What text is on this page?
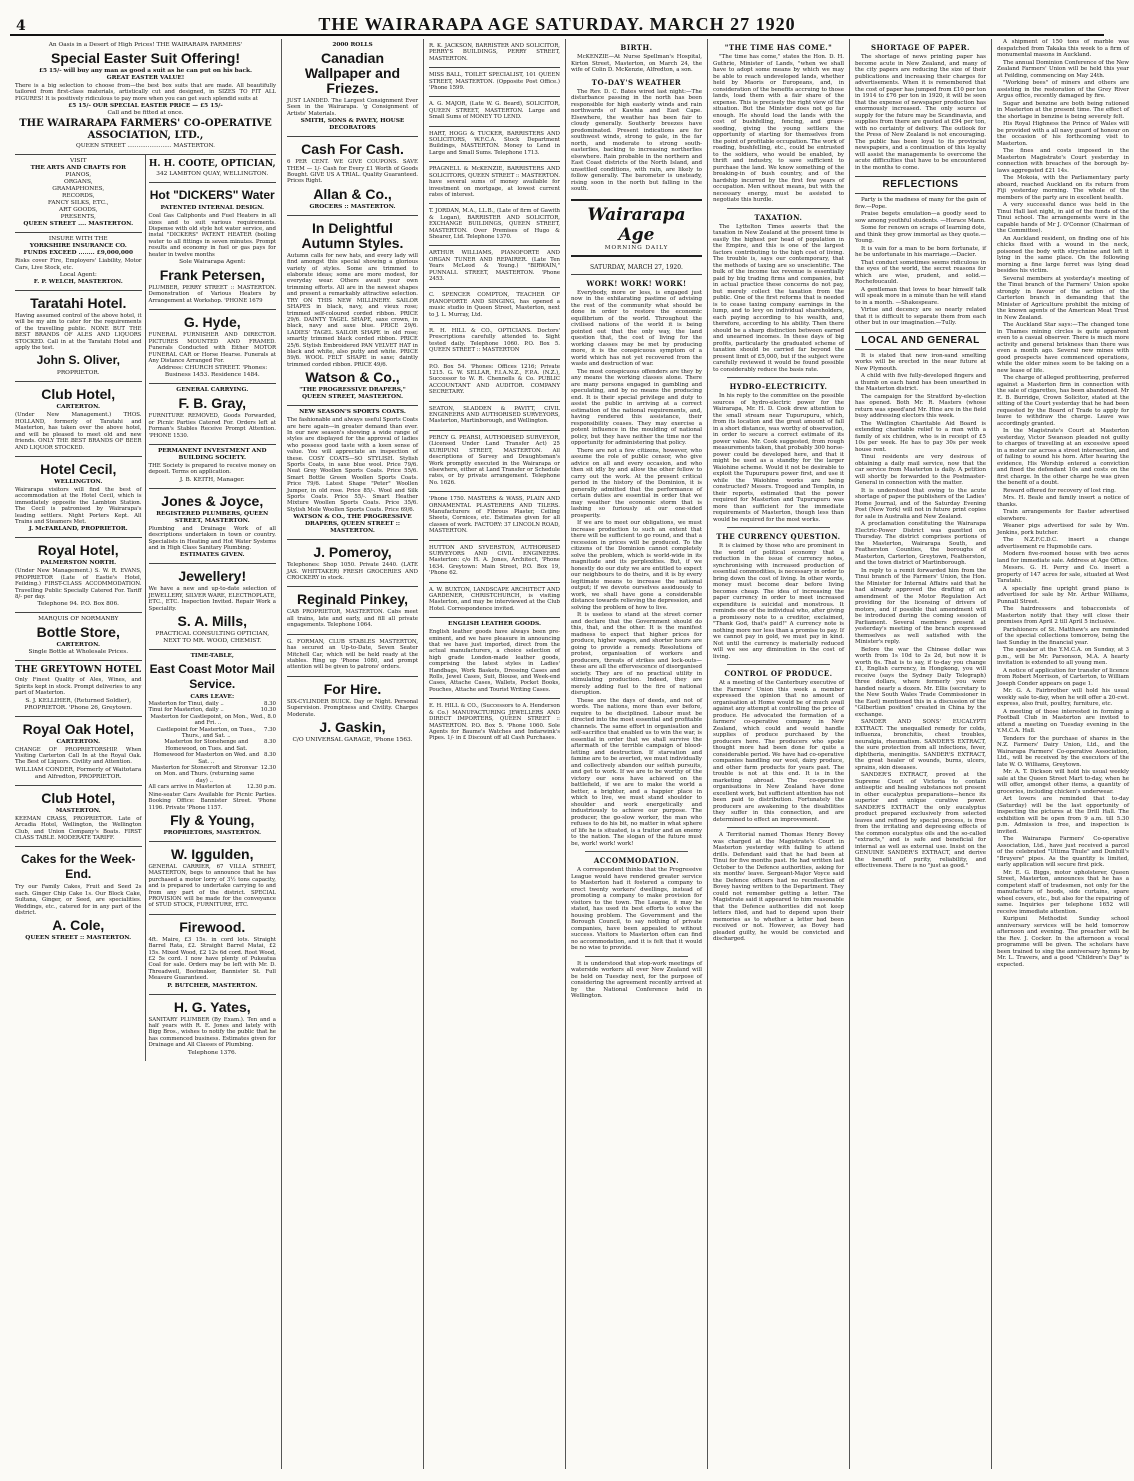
4	THE WAIRARAPA AGE SATURDAY. MARCH 27 1920
An Oasis in a Desert of High Prices! THE WAIRARAPA FARMERS'
Special Easter Suit Offering!
£5 15/- will buy any man as good a suit as he can put on his back.
GREAT EASTER VALUE!

There is a big selection to choose from—the best box suits that are made. All beautifully tailored from first-class materials, artistically cut and designed, in SIZES TO FIT ALL FIGURES! It is positively ridiculous to pay more when you can get such splendid suits at

£5 15/- OUR SPECIAL EASTER PRICE — £5 15/-
Call and be fitted at once.
THE WAIRARAPA FARMERS' CO-OPERATIVE ASSOCIATION, LTD.,
QUEEN STREET ........................ MASTERTON.
VISIT
THE ARTS AND CRAFTS FOR
PIANOS,
ORGANS,
GRAMAPHONES,
RECORDS,
FANCY SILKS, ETC.,
ART GOODS,
PRESENTS,
QUEEN STREET .... MASTERTON.
INSURE WITH THE
YORKSHIRE INSURANCE CO.
FUNDS EXCEED ........ £9,000,000

Risks cover Fire, Employers' Liability, Motor Cars, Live Stock, etc.

Local Agent:
F. P. WELCH, MASTERTON.
Taratahi Hotel.

Having assumed control of the above hotel, it will be my aim to cater for the requirements of the travelling public. NONE BUT THE BEST BRANDS OF ALES AND LIQUORS STOCKED. Call in at the Taratahi Hotel and apply the test.

John S. Oliver,
PROPRIETOR.
Club Hotel,
CARTERTON.

(Under New Management.) THOS. HOLLAND, formerly of Taratahi and Masterton, has taken over the above hotel, and will be pleased to meet old and new friends. ONLY THE BEST BRANDS OF BEER AND LIQUOR STOCKED.

Hotel Cecil,
WELLINGTON.

Wairarapa visitors will find the best of accommodation at the Hotel Cecil, which is immediately opposite the Lambton Station. The Cecil is patronised by Wairarapa's leading settlers. Night Porters Kept. All Trains and Steamers Met.

J. McFARLAND, PROPRIETOR.
Royal Hotel,
PALMERSTON NORTH.

(Under New Management.) S. W. R. EVANS, PROPRIETOR (Late of Eastie's Hotel, Feilding.) FIRST-CLASS ACCOMMODATION. Travelling Public Specially Catered For. Tariff 8/- per day.

Telephone 94. P.O. Box 806.
MARQUIS OF NORMANBY
Bottle Store,
CARTERTON.
Single Bottle at Wholesale Prices.
THE GREYTOWN HOTEL

Only Finest Quality of Ales, Wines, and Spirits kept in stock. Prompt deliveries to any part of Masterton.

S. J. KELLIHER, (Returned Soldier), PROPRIETOR. 'Phone 26, Greytown.
Royal Oak Hotel,
CARTERTON.

CHANGE OF PROPRIETORSHIP. When Visiting Carterton Call In at the Royal Oak. The Best of Liquors. Civility and Attention.

WILLIAM CONDER, Formerly of Waitotara and Alfredton, PROPRIETOR.
Club Hotel,
MASTERTON.

KEEMAN CRASS, PROPRIETOR. Late of Arcadia Hotel, Wellington, the Wellington Club, and Union Company's Boats. FIRST CLASS TABLE. MODERATE TARIFF.

Cakes for the Week-End.

Try our Family Cakes, Fruit and Seed 2s each. Ginger Chip Cake 1s. Our Block Cake, Sultana, Ginger, or Seed, are specialities. Weddings, etc., catered for in any part of the district.

A. Cole,
QUEEN STREET :: MASTERTON.
H. H. COOTE, OPTICIAN,
342 LAMBTON QUAY, WELLINGTON.
Hot "DICKERS" Water
PATENTED INTERNAL DESIGN.

Coal Gas Caliphonts and Fuel Heaters in all sizes and to suit various requirements. Dispense with old style hot water service, and instal "DICKERS" PATENT HEATER (boiling water to all fittings in seven minutes. Prompt results and economy in fuel or gas pays for heater in twelve months

Sole Wairarapa Agent:
Frank Petersen,

PLUMBER, PERRY STREET :: MASTERTON. Demonstration of Various Heaters by Arrangement at Workshop. 'PHONE 1679

G. Hyde,

FUNERAL FURNISHER AND DIRECTOR. PICTURES MOUNTED AND FRAMED. Funerals Conducted with Either MOTOR FUNERAL CAR or Horse Hearse. Funerals at Any Distance Arranged For.

Address: CHURCH STREET. 'Phones: Business 1453. Residence 1484.
GENERAL CARRYING.
F. B. Gray,

FURNITURE REMOVED, Goods Forwarded, or Picnic Parties Catered For. Orders left at Forman's Stables Receive Prompt Attention. 'PHONE 1530.

PERMANENT INVESTMENT AND BUILDING SOCIETY.

THE Society is prepared to receive money on deposit. Terms on application.

J. B. KEITH, Manager.
Jones & Joyce,
REGISTERED PLUMBERS, QUEEN STREET, MASTERTON.

Plumbing and Drainage Work of all descriptions undertaken in town or country. Specialists in Heating and Hot Water Systems and in High Class Sanitary Plumbing.

ESTIMATES GIVEN.
Jewellery!

We have a new and up-to-date selection of JEWELLERY, SILVER WARE, ELECTROPLATE, ETC., ETC. Inspection Invited. Repair Work a Speciality.

S. A. Mills,
PRACTICAL CONSULTING OPTICIAN, NEXT TO MR. WOOD, CHEMIST.
TIME-TABLE,
East Coast Motor Mail Service.
CARS LEAVE:
Masterton for Tinui, daily ..	8.30
Tinui for Masterton, daily ..	10.30
Masterton for Castlepoint, on Mon., Wed., and Fri. ..
8.0
Castlepoint for Masterton, on Tues., Thurs., and Sat. ..
7.30
Masterton for Stonehenge and Homewood, on Tues. and Sat.
8.30
Homewood for Masterton on Wed. and Sat. ..
8.30
Masterton for Stonecroft and Stronvar on Mon. and Thurs. (returning same day) ..
12.30
All cars arrive in Masterton at	12.30 p.m.

Nine-seater Cars Available for Picnic Parties. Booking Office: Bannister Street. 'Phone 1196. Private 'Phone 1157.

Fly & Young,
PROPRIETORS, MASTERTON.
W. Iggulden,

GENERAL CARRIER, 67 VILLA STREET, MASTERTON, begs to announce that he has purchased a motor lorry of 3½ tons capacity, and is prepared to undertake carrying to and from any part of the district. SPECIAL PROVISION will be made for the conveyance of STUD STOCK, FURNITURE, ETC.

Firewood.

4ft. Maire, £3 15s. in cord lots. Straight Barrel Rata, £2. Straight Barrel Matai, £2 15s. Mixed Wood, £2 12s 6d cord. Root Wood, £2 5s cord. I now have plenty of Pukeatua Coal for sale. Orders may be left with Mr. D. Threadwell, Bootmaker, Bannister St. Full Measure Guaranteed.

P. BUTCHER, MASTERTON.
H. G. Yates,

SANITARY PLUMBER (By Exam.). Ten and a half years with R. E. Jones and lately with Bigg Bros., wishes to notify the public that he has commenced business. Estimates given for Drainage and All Classes of Plumbing.

Telephone 1376.
2000 ROLLS
Canadian Wallpaper and Friezes.

JUST LANDED. The Largest Consignment Ever Seen in the Wairarapa. 'g Consignment of Artists' Materials.

SMITH, SONS & PAVEY, HOUSE DECORATORS
Cash For Cash.

6 PER CENT. WE GIVE COUPONS. SAVE THEM — 1/- Cash for Every £1 Worth of Goods Bought. GIVE US A TRIAL. Quality Guaranteed. Prices Right.

Allan & Co.,
GROCERS :: MASTERTON.
In Delightful Autumn Styles.

Autumn calls for new hats, and every lady will find amongst this special showing a glorious variety of styles. Some are trimmed to elaborate ideas; some are more modest, for everyday wear. Others await your own trimming efforts. All are in the newest shapes and present a remarkably attractive selection. TRY ON THIS NEW MILLINERY. SAILOR SHAPES in black, navy, and vieux rose; trimmed self-coloured corded ribbon. PRICE 29/6. DAINTY TAGEL SHAPE, saxe crown, in black, navy and saxe blue. PRICE 29/6. LADIES' TAGEL SAILOR SHAPE in old rose; smartly trimmed black corded ribbon. PRICE 25/6. Stylish Embroidered PAN VELVET HAT in black and white, also putty and white. PRICE 59/6. WOOL FELT SHAPE in saxe; daintly trimmed corded ribbon. PRICE 49/6.

Watson & Co.,
"THE PROGRESSIVE DRAPERS," QUEEN STREET, MASTERTON.
NEW SEASON'S SPORTS COATS.

The fashionable and always useful Sports Coats are here again—in greater demand than ever. In our new season's showing a wide range of styles are displayed for the approval of ladies who possess good taste with a keen sense of value. You will appreciate an inspection of these. COSY COATS—SO STYLISH. Stylish Sports Coats, in saxe blue wool. Price 79/6. Neat Grey Woollen Sports Coats. Price 55/6. Smart Bottle Green Woollen Sports Coats. Price 79/6. Latest Shape "Peter" Woollen Jumper, in old rose. Price 85/-. Wool and Silk Sports Coats. Price 55/-. Smart Heather Mixture Woollen Sports Coats. Price 35/6. Stylish Mole Woollen Sports Coats. Price 69/6.

WATSON & CO., THE PROGRESSIVE DRAPERS, QUEEN STREET :: MASTERTON.
J. Pomeroy,

Telephones: Shop 1050. Private 2440. (LATE JAS. WHITTAKER) FRESH GROCERIES AND CROCKERY in stock.

Reginald Pinkey,

CAB PROPRIETOR, MASTERTON. Cabs meet all trains, late and early, and fill all private engagements. Telephone 1064.

G. FORMAN, CLUB STABLES MASTERTON, has secured an Up-to-Date, Seven Seater Mitchell Car, which will be held ready at the stables. Ring up 'Phone 1080, and prompt attention will be given to patrons' orders.

For Hire.

SIX-CYLINDER BUICK. Day or Night. Personal Supervision. Promptness and Civility. Charges Moderate.

J. Gaskin,
C/O UNIVERSAL GARAGE, 'Phone 1563.

R. K. JACKSON, BARRISTER AND SOLICITOR, PERRY'S BUILDINGS, PERRY STREET, MASTERTON.

MISS BALL, TOILET SPECIALIST, 101 QUEEN STREET, MASTERTON. (Opposite Post Office.) 'Phone 1599.

A. G. MAJOR, (Late W. G. Beard), SOLICITOR, QUEEN STREET, MASTERTON. Large and Small Sums of MONEY TO LEND.

HART, HOGG & TUCKER, BARRISTERS AND SOLICITORS, W.F.C.A. Stock Department Buildings, MASTERTON. Money to Lend in Large and Small Sums. Telephone 1713.

PRAGNELL & McKENZIE, BARRISTERS AND SOLICITORS, QUEEN STREET :: MASTERTON. have several sums of money available for investment on mortgage, at lowest current rates of interest.

T. JORDAN, M.A., LL.B., (Late of firm of Gawith & Logan), BARRISTER AND SOLICITOR, EXCHANGE BUILDINGS, QUEEN STREET, MASTERTON. Over Premises of Hugo & Shearer, Ltd. Telephone 1370.

ARTHUR WILLIAMS, PIANOFORTE AND ORGAN TUNER AND REPAIRER. (Late Ten Years McLeod & Young.) "BIRWAIN," PUNNALL STREET, MASTERTON. 'Phone 2453.

C. SPENCER COMPTON, TEACHER OF PIANOFORTE AND SINGING, has opened a music studio in Queen Street, Masterton, next to J. L. Murray, Ltd.

R. H. HILL & CO., OPTICIANS. Doctors' Prescriptions carefully attended to. Sight tested daily. Telephone 1060. P.O. Box 5. QUEEN STREET :: MASTERTON

P.O. Box 54. 'Phones: Offices 1216; Private 1215. G. W. SELLAR, F.I.A.N.Z., F.P.A. (N.Z.), Successor to W. R. Chennells & Co. PUBLIC ACCOUNTANT AND AUDITOR. COMPANY SECRETARY.

SEATON, SLADDEN & PAVITT, CIVIL ENGINEERS AND AUTHORISED SURVEYORS, Masterton, Martinborough, and Wellington.

PERCY G. PEARSI, AUTHORISED SURVEYOR, (Licensed Under Land Transfer Act) 25 KURIPUNI STREET, MASTERTON. All descriptions of Survey and Draughtsman's Work promptly executed in the Wairarapa or elsewhere, either at Land Transfer or Schedule rates, or by private arrangement. Telephone No. 1626.

'Phone 1750. MASTERS & WASS, PLAIN AND ORNAMENTAL PLASTERERS AND TILERS. Manufacturers of Fibrous Plaster, Ceiling Sheets, Cornices, etc. Estimates given for all classes of work. FACTORY: 37 LINCOLN ROAD, MASTERTON.

HUTTON AND SYVERSTON, AUTHORISED SURVEYORS AND CIVIL ENGINEERS. Masterton: c/o H. A. Jones, Architect, 'Phone 1634. Greytown: Main Street, P.O. Box 19, 'Phone 62.

A. W. BUXTON, LANDSCAPE ARCHITECT AND GARDENER, CHRISTCHURCH, is visiting Masterton, and may be interviewed at the Club Hotel. Correspondence invited.

ENGLISH LEATHER GOODS.

English leather goods have always been pre-eminent, and we have pleasure in announcing that we have just imported, direct from the actual manufacturers, a choice selection of high grade London-made leather goods, comprising the latest styles in Ladies' Handbags, Work Baskets, Dressing Cases and Rolls, Jewel Cases, Suit, Blouse, and Week-end Cases, Attache Cases, Wallets, Pocket Books, Pouches, Attache and Tourist Writing Cases.

E. H. HILL & CO., (Successors to A. Henderson & Co.) MANUFACTURING JEWELLERS AND DIRECT IMPORTERS, QUEEN STREET :: MASTERTON. P.O. Box 5. 'Phone 1060. Sole Agents for Baume's Watches and Indarwink's Pipes. 1/- in £ Discount off all Cash Purchases.

BIRTH.

McKENZIE—At Nurse Spellman's Hospital, Kirton Street, Masterton, on March 24, the wife of Colin D. McKenzie, Alfredton, a son.

TO-DAY'S WEATHER

The Rev. D. C. Bates wired last night:—The disturbance passing in the north has been responsible for high easterly winds and rain northwards of Kawhia and East Cape. Elsewhere, the weather has been fair to cloudy generally. Southerly breezes have predominated. Present indications are for southwest winds, strong to gale, in the far north, and moderate to strong south-easterlies, backing to increasing northerlies elsewhere. Rain probable in the northern and East Coast districts of the North Island, and unsettled conditions, with rain, are likely to follow generally. The barometer is unsteady, rising soon in the north but falling in the south.

Wairarapa Age
MORNING DAILY
SATURDAY, MARCH 27, 1920.
WORK! WORK! WORK!

Everybody, more or less, is engaged just now in the exhilarating pastime of advising the rest of the community what should be done in order to restore the economic equilibrium of the world. Throughout the civilised nations of the world it is being pointed out that the only way, the land question that, the cost of living for the working classes may be met by producing more, it is the conspicuous symptom of a world which has not yet recovered from the waste and destruction of war.

The most conspicuous offenders are they by any means the working classes alone. There are many persons engaged in gambling and speculating, and by no means the producing end. It is their special privilege and duty to assist the public in arriving at a correct estimation of the national requirements, and, having rendered this assistance, their responsibility ceases. They may exercise a potent influence in the moulding of national policy, but they have neither the time nor the opportunity for administering that policy.

There are not a few citizens, however, who assume the role of public censor, who give advice on all and every occasion, and who then sit idly by and allow the other fellow to carry out the work. At the present critical period in the history of the Dominion, it is generally admitted that the performance of certain duties are essential in order that we may weather the economic storm that is lashing so furiously at our one-sided prosperity.

If we are to meet our obligations, we must increase production to such an extent that there will be sufficient to go round, and that a recession in prices will be produced. To the citizens of the Dominion cannot completely solve the problem, which is world-wide in its magnitude and its perplexities. But, if we honestly do our duty we are entitled to expect our neighbours to do theirs, and it is by every legitimate means to increase the national output; if we devote ourselves assiduously to work, we shall have gone a considerable distance towards relieving the depression, and solving the problem of how to live.

It is useless to stand at the street corner and declare that the Government should do this, that, and the other. It is the manifest madness to expect that higher prices for produce, higher wages, and shorter hours are going to provide a remedy. Resolutions of protest, organisation of workers and producers, threats of strikes and lock-outs—these are all the effervescence of disorganised society. They are of no practical utility in stimulating production. Indeed, they are merely adding fuel to the fire of national disruption.

These are the days of deeds, and not of words. The nations, more than ever before, require to be disciplined. Labour must be directed into the most essential and profitable channels. The same effort in organisation and self-sacrifice that enabled us to win the war, is essential in order that we shall survive the aftermath of the terrible campaign of blood-letting and destruction. If starvation and famine are to be averted, we must individually and collectively abandon our selfish pursuits, and get to work. If we are to be worthy of the victory our sons have achieved on the battlefield, if we are to make the world a better, a brighter, and a happier place in which to live, we must stand shoulder to shoulder and work energetically and industriously to achieve our purpose. The producer, the go-slow worker, the man who refuses to do his bit, no matter in what sphere of life he is situated, is a traitor and an enemy to the nation. The slogan of the future must be, work! work! work!

ACCOMMODATION.

A correspondent thinks that the Progressive League would have rendered greater service to Masterton had it fostered a company to erect twenty workers' dwellings, instead of promoting a company to make provision for visitors to the town. The League, it may be stated, has used its best efforts to solve the housing problem. The Government and the Borough Council, to say nothing of private companies, have been appealed to without success. Visitors to Masterton often can find no accommodation, and it is felt that it would be no wise to provide.

It is understood that stop-work meetings of waterside workers all over New Zealand will be held on Tuesday next, for the purpose of considering the agreement recently arrived at by the National Conference held in Wellington.

"THE TIME HAS COME."

"The time has come," states the Hon. D. H. Guthrie, Minister of Lands, "when we shall have to adopt some means by which we may be able to reach undeveloped lands, whether held by Maoris or Europeans, and, in consideration of the benefits accruing to those lands, load them with a fair share of the expense. This is precisely the right view of the situation. But the Minister does not go far enough. He should load the lands with the cost of bushfelling, fencing, and grass-seeding, giving the young settlers the opportunity of starting for themselves from the point of profitable occupation. The work of roading, bushfelling, etc., could be entrusted to the soldiers, who would be enabled, by thrift and industry, to save sufficient to purchase the land. We know something of the breaking-in of bush country, and of the hardship incurred by the first few years of occupation. Men without means, but with the necessary energy, must be assisted to negotiate this hurdle.

TAXATION.

The Lyttelton Times asserts that the taxation in New Zealand at the present time is easily the highest per head of population in the Empire, and this is one of the largest factors contributing to the high cost of living. The trouble is, says our contemporary, that the methods of taxing are so unscientific. The bulk of the income tax revenue is essentially paid by big trading firms and companies, but in actual practice these concerns do not pay, but merely collect the taxation from the public. One of the first reforms that is needed is to cease taxing company earnings in the lump, and to levy on individual shareholders, each paying according to his wealth, and, therefore, according to his ability. Then there should be a sharp distinction between earned and unearned incomes. In these days of big profits, particularly the graduated scheme of taxation should be carried far beyond the present limit of £5,000, but if the subject were carefully reviewed it would be found possible to considerably reduce the basis rate.

HYDRO-ELECTRICITY.

In his reply to the committee on the possible sources of hydro-electric power for the Wairarapa, Mr. H. D. Cook drew attention to the small stream near Tupurupuru, which, from its location and the great amount of fall in a short distance, was worthy of observation, in order to secure a correct estimate of its power value. Mr. Cook suggested, from rough measurements taken, that probably 300 horse-power could be developed here, and that it might be used as a standby for the larger Waiohine scheme. Would it not be desirable to exploit the Tupurupuru power first, and use it while the Waiohine works are being constructed? Messrs. Trogood and Templin, in their reports, estimated that the power required for Masterton and Tupurupuru was more than sufficient for the immediate requirements of Masterton, though less than would be required for the most works.

THE CURRENCY QUESTION.

It is claimed by those who are prominent in the world of political economy that a reduction in the issue of currency notes, synchronising with increased production of essential commodities, is necessary in order to bring down the cost of living. In other words, money must become dear before living becomes cheap. The idea of increasing the paper currency in order to meet increased expenditure is suicidal and monstrous. It reminds one of the individual who, after giving a promissory note to a creditor, exclaimed, "Thank God, that's paid!" A currency note is nothing more nor less than a promise to pay. If we cannot pay in gold, we must pay in kind. Not until the currency is materially reduced will we see any diminution in the cost of living.

CONTROL OF PRODUCE.

At a meeting of the Canterbury executive of the Farmers' Union this week a member expressed the opinion that no amount of organisation at Home would be of much avail against any attempt at controlling the price of produce. He advocated the formation of a farmers' co-operative company in New Zealand, which could and would handle supplies of produce purchased by the producers here. The producers who spoke thought more had been done for quite a considerable period. We have had co-operative companies handling our wool, dairy produce, and other farm products for years past. The trouble is not at this end. It is in the marketing abroad. The co-operative organisations in New Zealand have done excellent work, but sufficient attention has not been paid to distribution. Fortunately the producers are awakening to the disabilities they suffer in this connection, and are determined to effect an improvement.

A Territorial named Thomas Henry Bovey was charged at the Magistrate's Court in Masterton yesterday with failing to attend drills. Defendant said that he had been at Tinui for five months past. He had written last October to the Defence authorities, asking for six months' leave. Sergeant-Major Voyce said the Defence officers had no recollection of Bovey having written to the Department. They could not remember getting a letter. The Magistrate said it appeared to him reasonable that the Defence authorities did not keep letters filed, and had to depend upon their memories as to whether a letter had been received or not. However, as Bovey had pleaded guilty, he would be convicted and discharged.

SHORTAGE OF PAPER.

The shortage of news printing paper has become acute in New Zealand, and many of the city papers are reducing the size of their publications and increasing their charges for advertisements. When it is remembered that the cost of paper has jumped from £10 per ton in 1914 to £76 per ton in 1920, it will be seen that the expense of newspaper production has enormously increased. The only source of supply for the future may be Scandinavia, and supplies from there are quoted at £94 per ton, with no certainty of delivery. The outlook for the Press of New Zealand is not encouraging. The public has been loyal to its provincial newspapers, and a continuation of this loyalty will assist the managements to overcome the acute difficulties that have to be encountered in the months to come.

REFLECTIONS

Party is the madness of many for the gain of few.—Pope.

Praise begets emulation—a goodly seed to sow among youthful students. —Horace Mann.

Some for renown on scraps of learning dote, and think they grow immortal as they quote.—Young.

It is vain for a man to be born fortunate, if he be unfortunate in his marriage.—Dacier.

That conduct sometimes seems ridiculous in the eyes of the world, the secret reasons for which are wise, prudent, and solid.—Rochefoucauld.

A gentleman that loves to hear himself talk will speak more in a minute than he will stand to in a month. —Shakespeare.

Virtue and decency are so nearly related that it is difficult to separate them from each other but in our imagination.—Tully.

LOCAL AND GENERAL

It is stated that new iron-sand smelting works will be erected in the near future at New Plymouth.

A child with five fully-developed fingers and a thumb on each hand has been unearthed in the Masterton district.

The campaign for the Stratford by-election has opened. Both Mr. R. Masters (whose return was speed'and Mr. Hine are in the field busy addressing electors this week.

The Wellington Charitable Aid Board is extending charitable relief to a man with a family of six children, who is in receipt of £5 10s per week. He has to pay 30s per week house rent.

Tinui residents are very desirous of obtaining a daily mail service, now that the car service from Masterton is daily. A petition will shortly be forwarded to the Postmaster-General in connection with the matter.

It is understood that owing to the acute shortage of paper the publishers of the Ladies' Home Journal, and of the Saturday Evening Post (New York) will not in future print copies for sale in Australia and New Zealand.

A proclamation constituting the Wairarapa Electric-Power District was gazetted on Thursday. The district comprises portions of the Masterton, Wairarapa South, and Featherston Counties, the boroughs of Masterton, Carterton, Greytown, Featherston, and the town district of Martinborough.

In reply to a remit forwarded him from the Tinui branch of the Farmers' Union, the Hon. the Minister for Internal Affairs said that he had already approved the drafting of an amendment of the Motor Regulation Act providing for the licensing of drivers of motors, and if possible that amendment will be introduced during the coming session of Parliament. Several members present at yesterday's meeting of the branch expressed themselves as well satisfied with the Minister's reply.

Before the war the Chinese dollar was worth from 1s 10d to 2s 2d, but now it is worth 6s. That is to say, if to-day you change £1, English currency, in Hongkong, you will receive (says the Sydney Daily Telegraph) three dollars, where formerly you were handed nearly a dozen. Mr. Ellis (secretary to the New South Wales Trade Commissioner in the East) mentioned this in a discussion of the "Gilbertian position" created in China by the exchange.

SANDER AND SONS' EUCALYPTI EXTRACT. The unequalled remedy for colds, influenza, bronchitis, chest troubles, neuralgia, rheumatism. SANDER'S EXTRACT, the sure protection from all infections, fever, diphtheria, meningitis. SANDER'S EXTRACT, the great healer of wounds, burns, ulcers, sprains, skin diseases.

SANDER'S EXTRACT, proved at the Supreme Court of Victoria to contain antiseptic and healing substances not present in other eucalyptus preparations—hence its superior and unique curative power. SANDER'S EXTRACT the only eucalyptus product prepared exclusively from selected leaves and refined by special process, is free from the irritating and depressing effects of the common eucalyptus oils and the so-called "extracts," and is safe and beneficial for internal as well as external use. Insist on the GENUINE SANDER'S EXTRACT, and derive the benefit of purity, reliability, and effectiveness. There is no "just as good."

A shipment of 150 tons of marble was despatched from Takaka this week to a firm of monumental masons in Auckland.

The annual Dominion Conference of the New Zealand Farmers' Union will be held this year at Feilding, commencing on May 24th.

"Working bees" of miners and others are assisting in the restoration of the Grey River Argus office, recently damaged by fire.

Sugar and benzine are both being rationed in Masterton at the present time. The effect of the shortage in benzine is being severely felt.

His Royal Highness the Prince of Wales will be provided with a all navy guard of honour on the occasion of his forthcoming visit to Masterton.

The fines and costs imposed in the Masterton Magistrate's Court yesterday in connection with breaches of the borough by-laws aggregated £21 14s.

The Mokoia, with the Parliamentary party aboard, reached Auckland on its return from Fiji yesterday morning. The whole of the members of the party are in excellent health.

A very successful dance was held in the Tinui Hall last night, in aid of the funds of the Tinui school. The arrangements were in the capable hands of Mr J. O'Connor (Chairman of the Committee).

An Auckland resident, on finding one of his chicks fixed with a wound in the neck, poisoned the body with strychnine and left it lying in the same place. On the following morning a fine large ferret was lying dead besides his victim.

Several members at yesterday's meeting of the Tinui branch of the Farmers' Union spoke strongly in favour of the action of the Carterton branch in demanding that the Minister of Agriculture prohibit the mixing of the known agents of the American Meat Trust in New Zealand.

The Auckland Star says:—The changed tone in Thames mining circles is quite apparent even to a casual observer. There is much more activity and general briskness than there was even a month ago. Several new mines with good prospects have commenced operations, while the older mines seem to be taking on a new lease of life.

The charge of alleged profiteering, preferred against a Masterton firm in connection with the sale of cigarettes, has been abandoned. Mr E. B. Burridge, Crown Solicitor, stated at the sitting of the Court yesterday that he had been requested by the Board of Trade to apply for leave to withdraw the charge. Leave was accordingly granted.

In the Magistrate's Court at Masterton yesterday, Victor Swanson pleaded not guilty to charges of travelling at an excessive speed in a motor car across a street intersection, and of failing to sound his horn. After hearing the evidence, His Worship entered a conviction and fined the defendant 10s and costs on the first charge. In the other charge he was given the benefit of a doubt.

Reward offered for recovery of lost ring.

Mrs. H. Beale and family insert a notice of thanks.

Train arrangements for Easter advertised elsewhere.

Weaner pigs advertised for sale by Wm. Jenkins, pork butcher.

The N.Z.F.C.D.C. insert a change advertisement re Hupmobile cars.

Modern five-roomed house with two acres land for immediate sale. Address at Age Office.

Messrs. G. H. Perry and Co. insert a property of 147 acres for sale, situated at West Taratahi.

A specially fine upright grand piano is advertised for sale by Mr. Arthur Williams, Punnall Street.

The hairdressers and tobacconists of Masterton notify that they will close their premises from April 2 till April 5 inclusive.

Parishioners of St. Matthew's are reminded of the special collections tomorrow, being the last Sunday in the financial year.

The speaker at the Y.M.C.A. on Sunday, at 3 p.m., will be Mr. Parsonson, M.A. A hearty invitation is extended to all young men.

A notice of application for transfer of licence from Robert Morrison, of Carterton, to William Joseph Conder appears on page 1.

Mr. G. A. Fairbrother will hold his usual weekly sale to-day, when he will offer a 20-cwt. express, also fruit, poultry, furniture, etc.

A meeting of those interested in forming a Football Club in Masterton are invited to attend a meeting on Tuesday evening in the Y.M.C.A. Hall.

Tenders for the purchase of shares in the N.Z. Farmers' Dairy Union, Ltd., and the Wairarapa Farmers' Co-operative Association, Ltd., will be received by the executors of the late W. O. Williams, Greytown.

Mr. A. T. Dickson will hold his usual weekly sale at the Queen Street Mart to-day, when he will offer, amongst other items, a quantity of groceries, including chicken's underwear.

Art lovers are reminded that to-day (Saturday) will be the last opportunity of inspecting the pictures at the Drill Hall. The exhibition will be open from 9 a.m. till 5.30 p.m. Admission is free, and inspection is invited.

The Wairarapa Farmers' Co-operative Association, Ltd., have just received a parcel of the celebrated "Ultima Thule" and Dunhill's "Bruyere" pipes. As the quantity is limited, early application will secure first pick.

Mr. E. G. Biggs, motor upholsterer, Queen Street, Masterton, announces that he has a competent staff of tradesmen, not only for the manufacture of hoods, side curtains, spare wheel covers, etc., but also for the repairing of same. Inquiries per telephone 1652 will receive immediate attention.

Kuripuni Methodist Sunday school anniversary services will be held tomorrow afternoon and evening. The preacher will be the Rev. J. Cocker. In the afternoon a vocal programme will be given. The scholars have been trained to sing the anniversary hymns by Mr. L. Travers, and a good "Children's Day" is expected.
